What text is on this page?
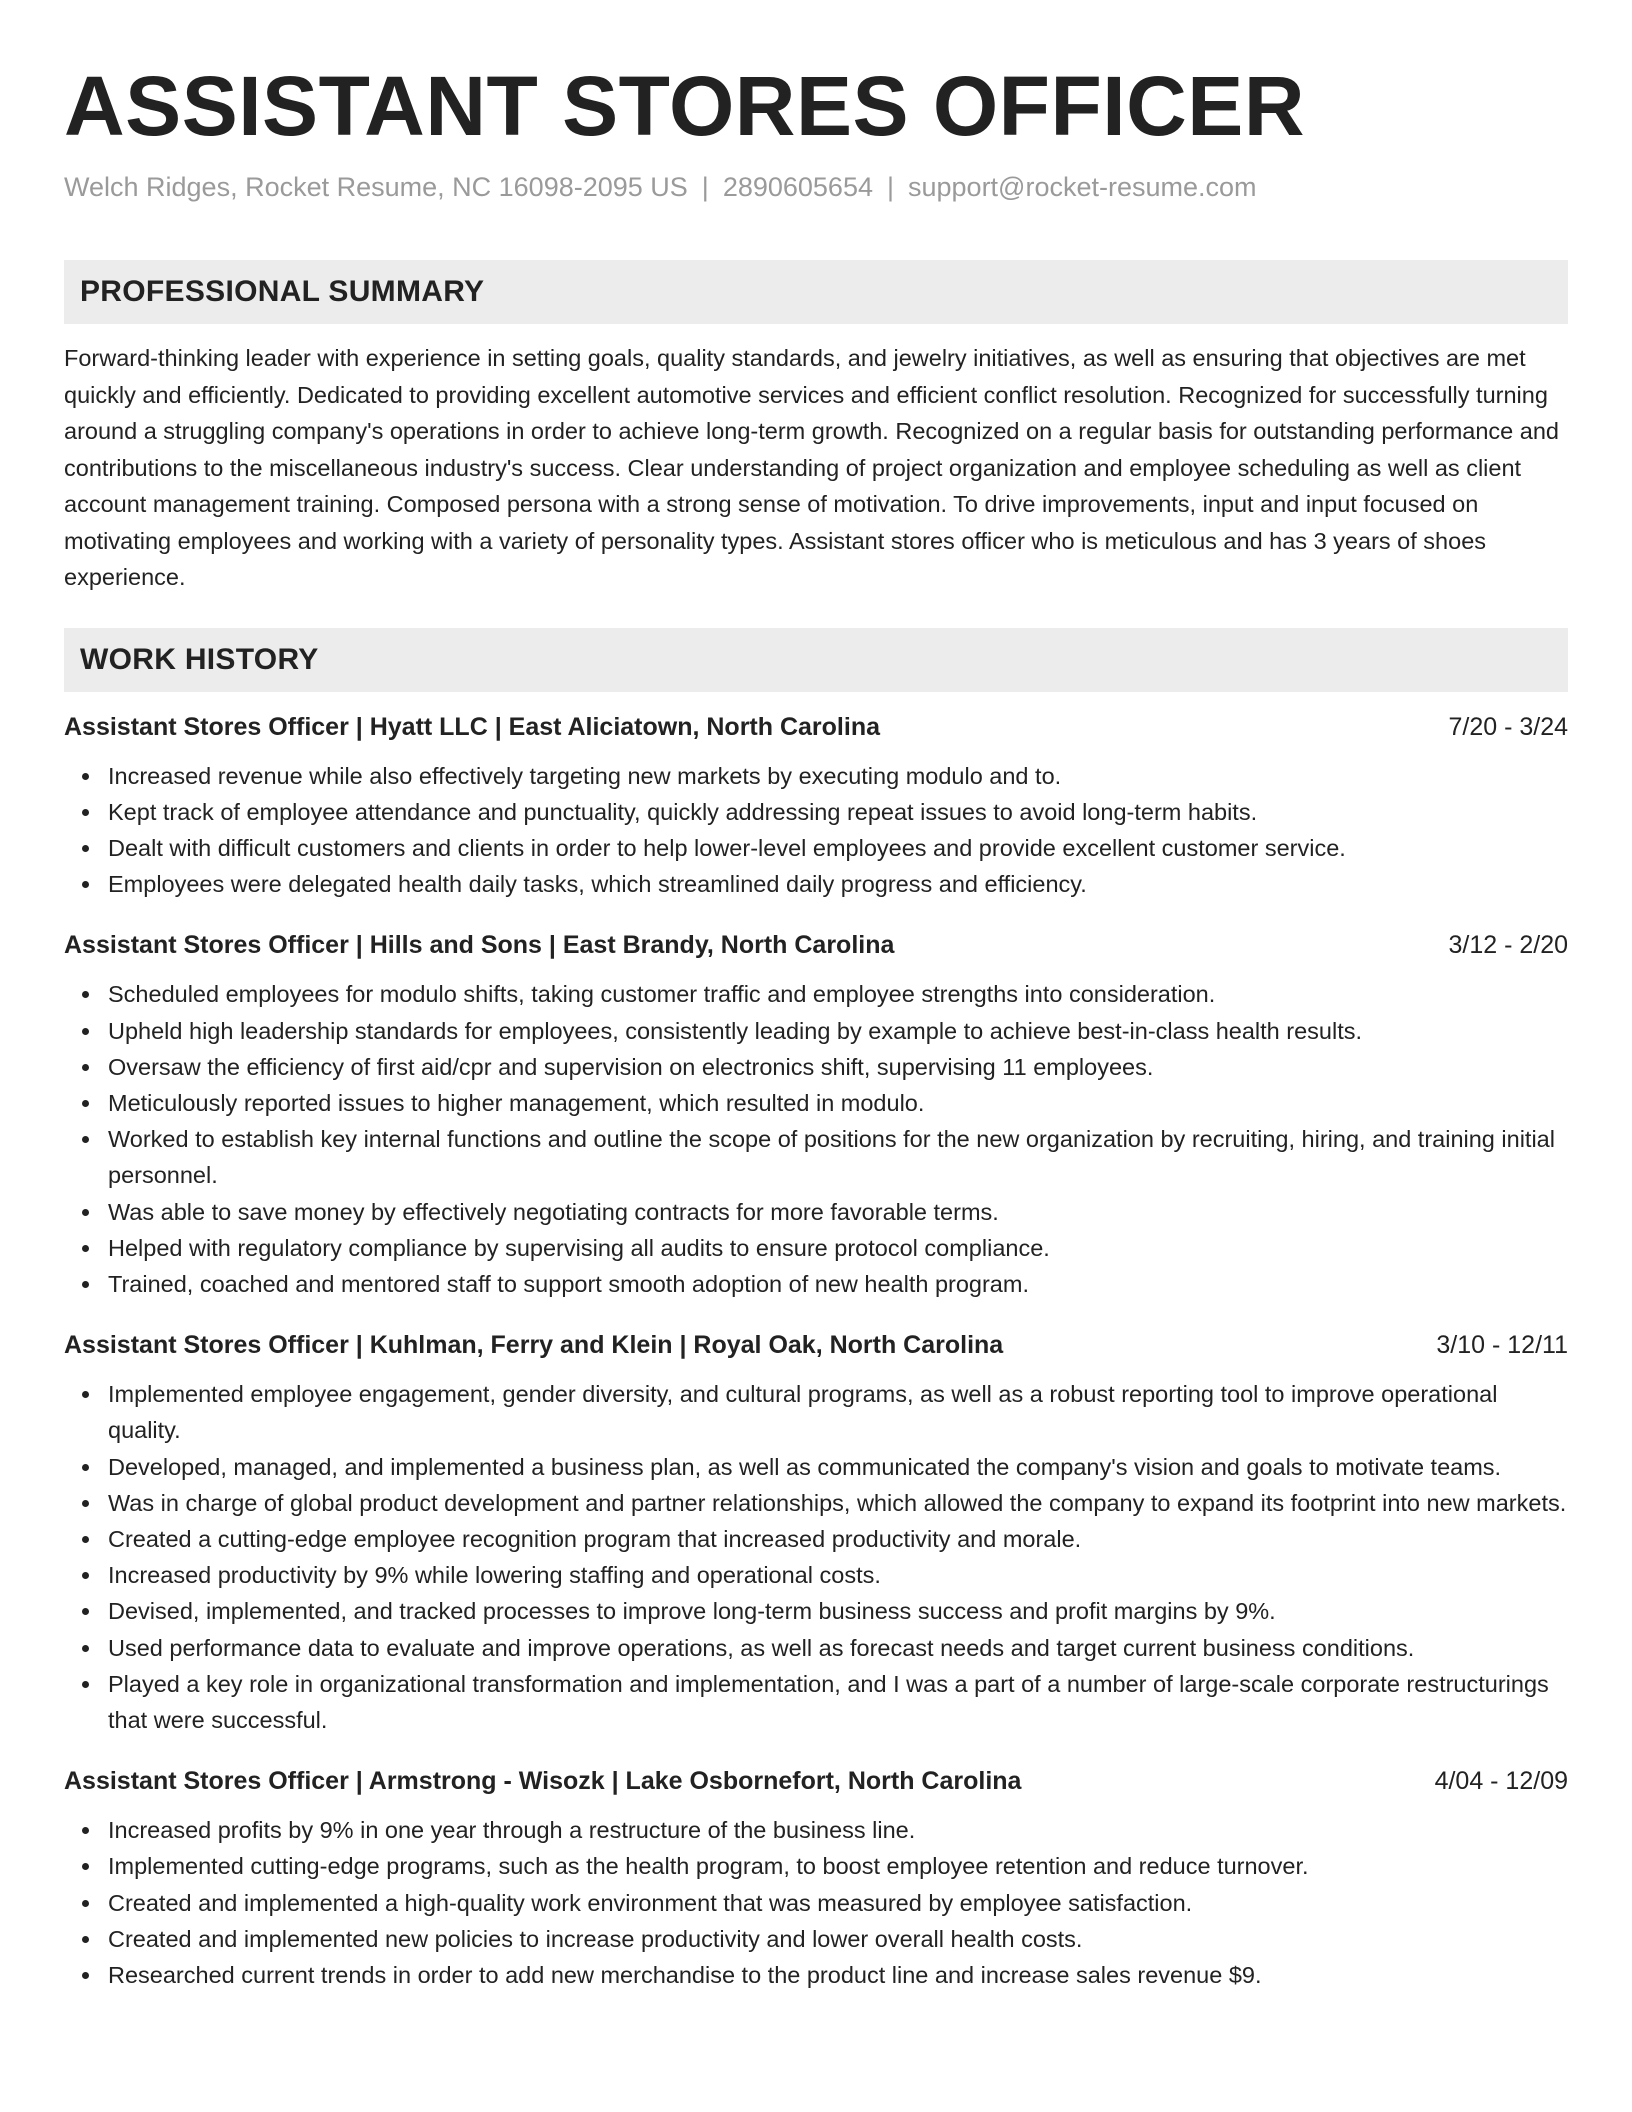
ASSISTANT STORES OFFICER
Welch Ridges, Rocket Resume, NC 16098-2095 US | 2890605654 | support@rocket-resume.com
PROFESSIONAL SUMMARY

Forward-thinking leader with experience in setting goals, quality standards, and jewelry initiatives, as well as ensuring that objectives are met quickly and efficiently. Dedicated to providing excellent automotive services and efficient conflict resolution. Recognized for successfully turning around a struggling company's operations in order to achieve long-term growth. Recognized on a regular basis for outstanding performance and contributions to the miscellaneous industry's success. Clear understanding of project organization and employee scheduling as well as client account management training. Composed persona with a strong sense of motivation. To drive improvements, input and input focused on motivating employees and working with a variety of personality types. Assistant stores officer who is meticulous and has 3 years of shoes experience.

WORK HISTORY
Assistant Stores Officer | Hyatt LLC | East Aliciatown, North Carolina	7/20 - 3/24
Increased revenue while also effectively targeting new markets by executing modulo and to.
Kept track of employee attendance and punctuality, quickly addressing repeat issues to avoid long-term habits.
Dealt with difficult customers and clients in order to help lower-level employees and provide excellent customer service.
Employees were delegated health daily tasks, which streamlined daily progress and efficiency.
Assistant Stores Officer | Hills and Sons | East Brandy, North Carolina	3/12 - 2/20
Scheduled employees for modulo shifts, taking customer traffic and employee strengths into consideration.
Upheld high leadership standards for employees, consistently leading by example to achieve best-in-class health results.
Oversaw the efficiency of first aid/cpr and supervision on electronics shift, supervising 11 employees.
Meticulously reported issues to higher management, which resulted in modulo.
Worked to establish key internal functions and outline the scope of positions for the new organization by recruiting, hiring, and training initial personnel.
Was able to save money by effectively negotiating contracts for more favorable terms.
Helped with regulatory compliance by supervising all audits to ensure protocol compliance.
Trained, coached and mentored staff to support smooth adoption of new health program.
Assistant Stores Officer | Kuhlman, Ferry and Klein | Royal Oak, North Carolina	3/10 - 12/11
Implemented employee engagement, gender diversity, and cultural programs, as well as a robust reporting tool to improve operational quality.
Developed, managed, and implemented a business plan, as well as communicated the company's vision and goals to motivate teams.
Was in charge of global product development and partner relationships, which allowed the company to expand its footprint into new markets.
Created a cutting-edge employee recognition program that increased productivity and morale.
Increased productivity by 9% while lowering staffing and operational costs.
Devised, implemented, and tracked processes to improve long-term business success and profit margins by 9%.
Used performance data to evaluate and improve operations, as well as forecast needs and target current business conditions.
Played a key role in organizational transformation and implementation, and I was a part of a number of large-scale corporate restructurings that were successful.
Assistant Stores Officer | Armstrong - Wisozk | Lake Osbornefort, North Carolina	4/04 - 12/09
Increased profits by 9% in one year through a restructure of the business line.
Implemented cutting-edge programs, such as the health program, to boost employee retention and reduce turnover.
Created and implemented a high-quality work environment that was measured by employee satisfaction.
Created and implemented new policies to increase productivity and lower overall health costs.
Researched current trends in order to add new merchandise to the product line and increase sales revenue $9.
